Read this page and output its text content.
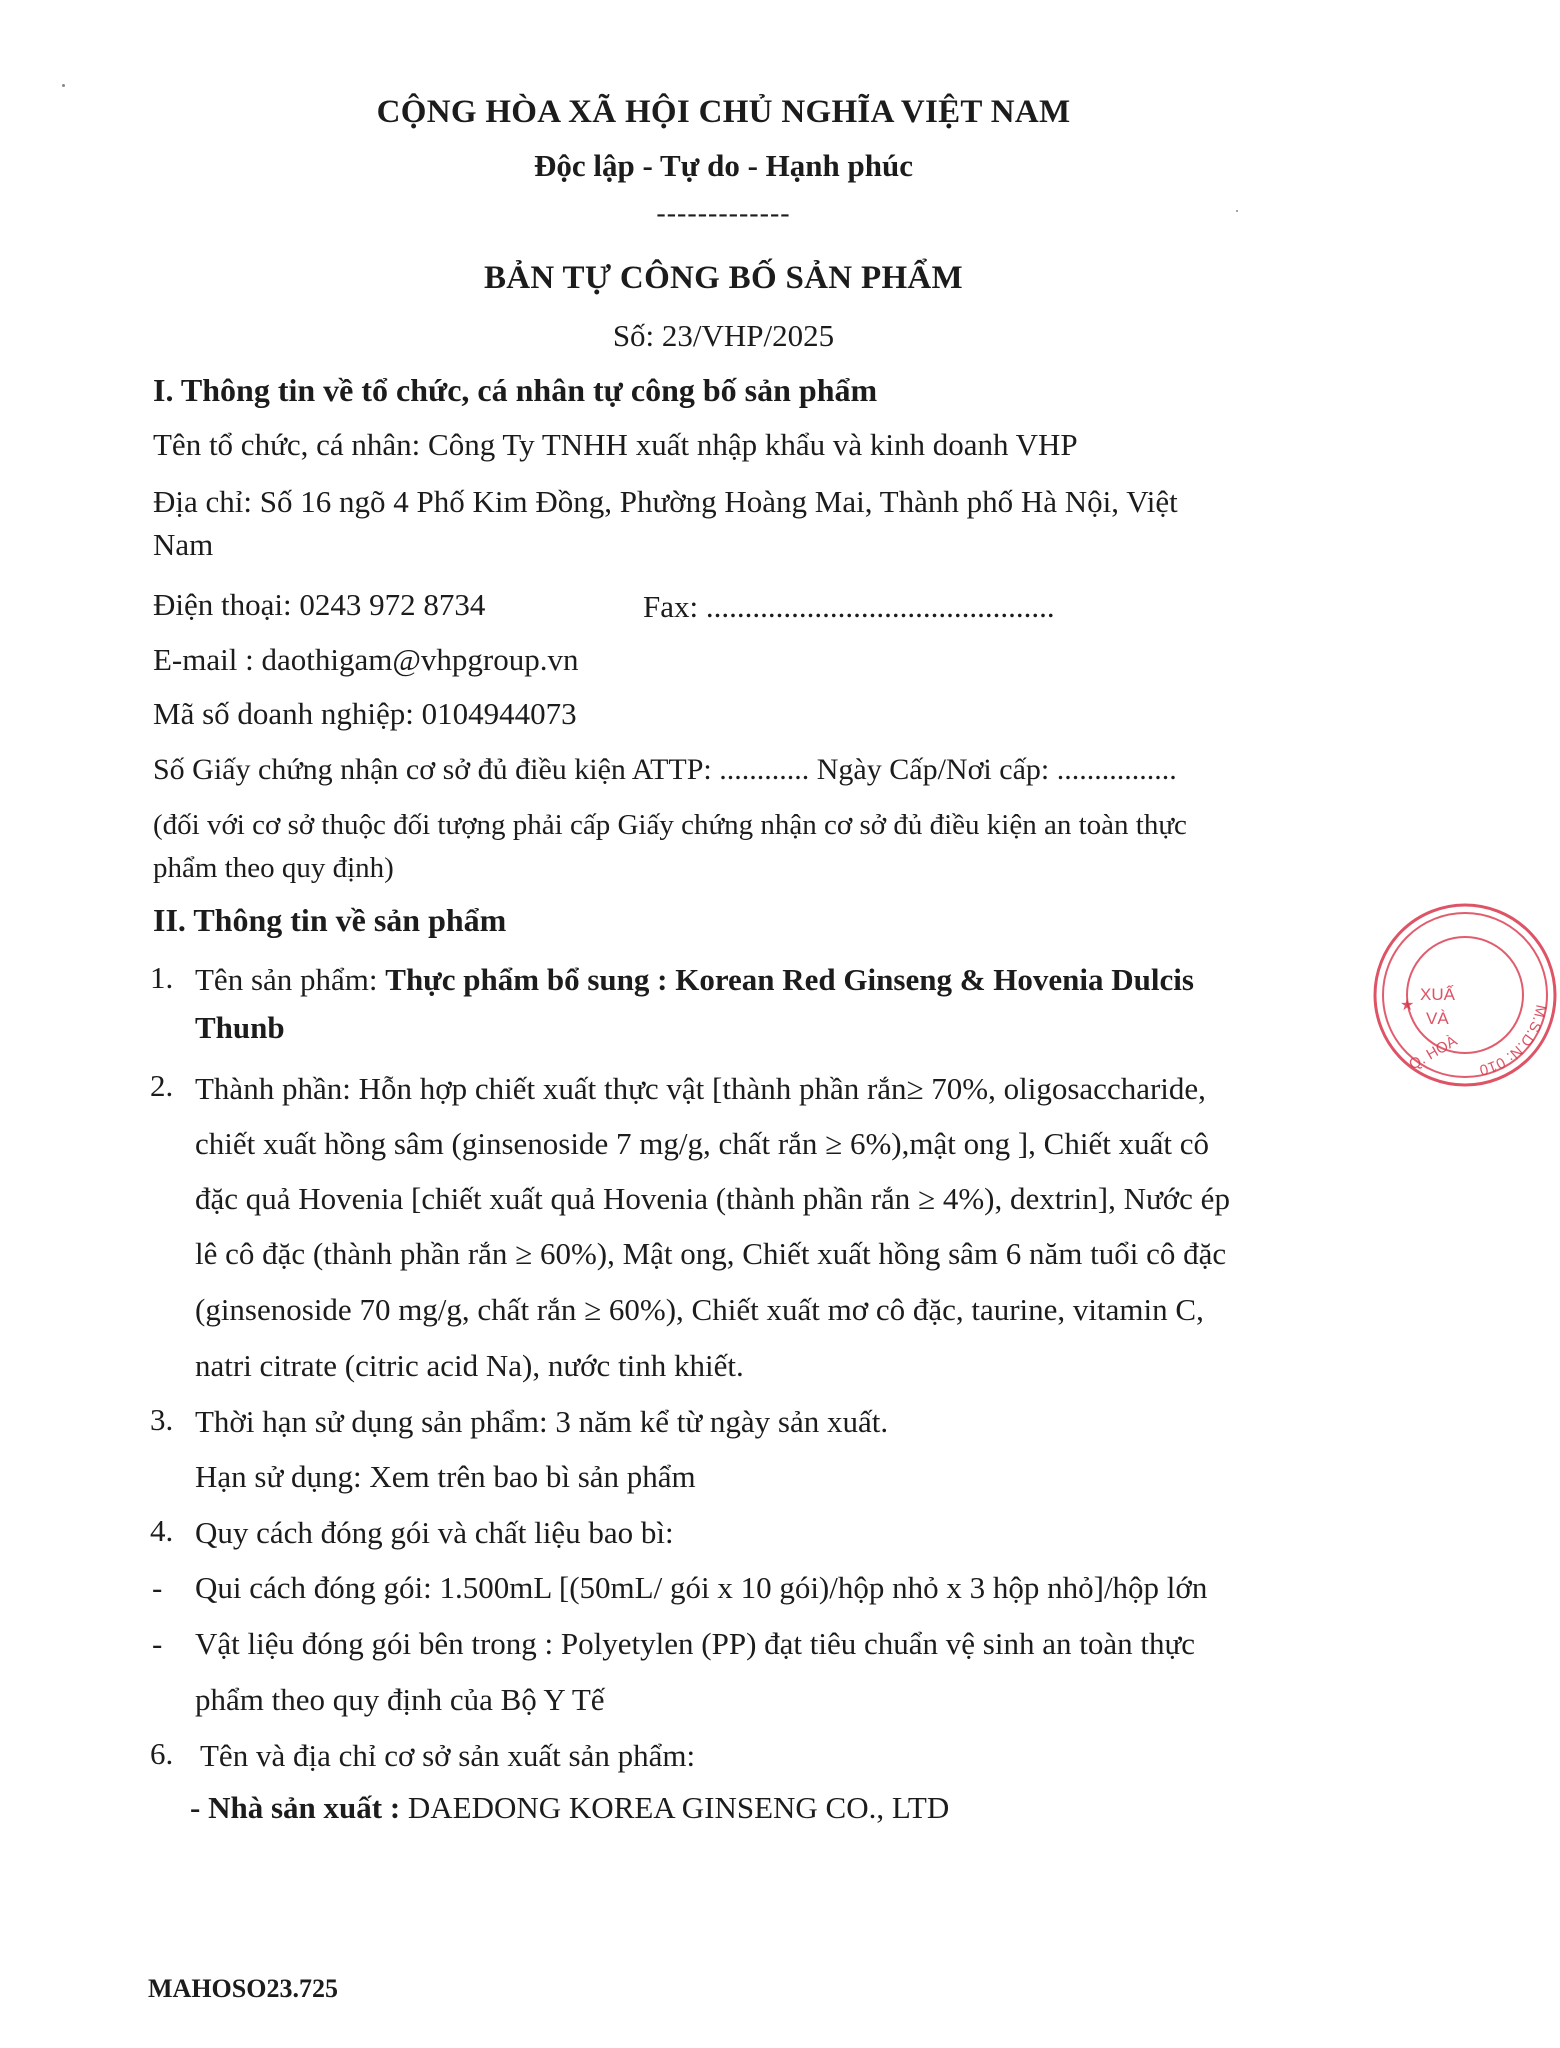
CỘNG HÒA XÃ HỘI CHỦ NGHĨA VIỆT NAM
Độc lập - Tự do - Hạnh phúc
-------------
BẢN TỰ CÔNG BỐ SẢN PHẨM
Số: 23/VHP/2025
I. Thông tin về tổ chức, cá nhân tự công bố sản phẩm
Tên tổ chức, cá nhân: Công Ty TNHH xuất nhập khẩu và kinh doanh VHP
Địa chỉ: Số 16 ngõ 4 Phố Kim Đồng, Phường Hoàng Mai, Thành phố Hà Nội, Việt
Nam
Điện thoại: 0243 972 8734	Fax: .............................................
E-mail : daothigam@vhpgroup.vn
Mã số doanh nghiệp: 0104944073
Số Giấy chứng nhận cơ sở đủ điều kiện ATTP: ............ Ngày Cấp/Nơi cấp: ................
(đối với cơ sở thuộc đối tượng phải cấp Giấy chứng nhận cơ sở đủ điều kiện an toàn thực
phẩm theo quy định)
II. Thông tin về sản phẩm
1. Tên sản phẩm: Thực phẩm bổ sung : Korean Red Ginseng & Hovenia Dulcis
Thunb
2. Thành phần: Hỗn hợp chiết xuất thực vật [thành phần rắn≥ 70%, oligosaccharide,
chiết xuất hồng sâm (ginsenoside 7 mg/g, chất rắn ≥ 6%),mật ong ], Chiết xuất cô
đặc quả Hovenia [chiết xuất quả Hovenia (thành phần rắn ≥ 4%), dextrin], Nước ép
lê cô đặc (thành phần rắn ≥ 60%), Mật ong, Chiết xuất hồng sâm 6 năm tuổi cô đặc
(ginsenoside 70 mg/g, chất rắn ≥ 60%), Chiết xuất mơ cô đặc, taurine, vitamin C,
natri citrate (citric acid Na), nước tinh khiết.
3. Thời hạn sử dụng sản phẩm: 3 năm kể từ ngày sản xuất.
Hạn sử dụng: Xem trên bao bì sản phẩm
4. Quy cách đóng gói và chất liệu bao bì:
- Qui cách đóng gói: 1.500mL [(50mL/ gói x 10 gói)/hộp nhỏ x 3 hộp nhỏ]/hộp lớn
- Vật liệu đóng gói bên trong : Polyetylen (PP) đạt tiêu chuẩn vệ sinh an toàn thực
phẩm theo quy định của Bộ Y Tế
6. Tên và địa chỉ cơ sở sản xuất sản phẩm:
- Nhà sản xuất : DAEDONG KOREA GINSENG CO., LTD
MAHOSO23.725
M.S.D.N: 010
★
XUẤ
VÀ
Q. HOÀ
